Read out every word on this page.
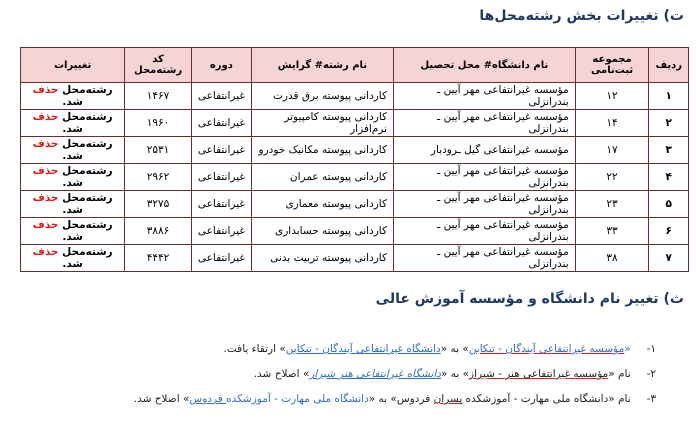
ت) تغییرات بخش رشته‌محل‌ها
ردیف	مجموعه ثبت‌نامی	نام دانشگاه# محل تحصیل	نام رشته# گرایش	دوره	کد رشته‌محل	تغییرات
۱	۱۲	مؤسسه غیرانتفاعی مهر آیین ـ بندرانزلی	کاردانی پیوسته برق قدرت	غیرانتفاعی	۱۴۶۷	رشته‌محل حذف شد.
۲	۱۴	مؤسسه غیرانتفاعی مهر آیین ـ بندرانزلی	کاردانی پیوسته کامپیوتر نرم‌افزار	غیرانتفاعی	۱۹۶۰	رشته‌محل حذف شد.
۳	۱۷	مؤسسه غیرانتفاعی گیل ـرودبار	کاردانی پیوسته مکانیک خودرو	غیرانتفاعی	۲۵۳۱	رشته‌محل حذف شد.
۴	۲۲	مؤسسه غیرانتفاعی مهر آیین ـ بندرانزلی	کاردانی پیوسته عمران	غیرانتفاعی	۲۹۶۲	رشته‌محل حذف شد.
۵	۲۳	مؤسسه غیرانتفاعی مهر آیین ـ بندرانزلی	کاردانی پیوسته معماری	غیرانتفاعی	۳۲۷۵	رشته‌محل حذف شد.
۶	۳۳	مؤسسه غیرانتفاعی مهر آیین ـ بندرانزلی	کاردانی پیوسته حسابداری	غیرانتفاعی	۳۸۸۶	رشته‌محل حذف شد.
۷	۳۸	مؤسسه غیرانتفاعی مهر آیین ـ بندرانزلی	کاردانی پیوسته تربیت بدنی	غیرانتفاعی	۴۴۴۲	رشته‌محل حذف شد.
ث) تغییر نام دانشگاه و مؤسسه آموزش عالی
۱- «مؤسسه غیرانتفاعی آیندگان - تنکابن» به «دانشگاه غیرانتفاعی آیندگان - تنکابن» ارتقاء یافت.
۲- نام «مؤسسه غیرانتفاعی هنر - شیراز» به «دانشگاه غیرانتفاعی هنر شیراز» اصلاح شد.
۳- نام «دانشگاه ملی مهارت - آموزشکده پسران فردوس» به «دانشگاه ملی مهارت - آموزشکده فردوس» اصلاح شد.
